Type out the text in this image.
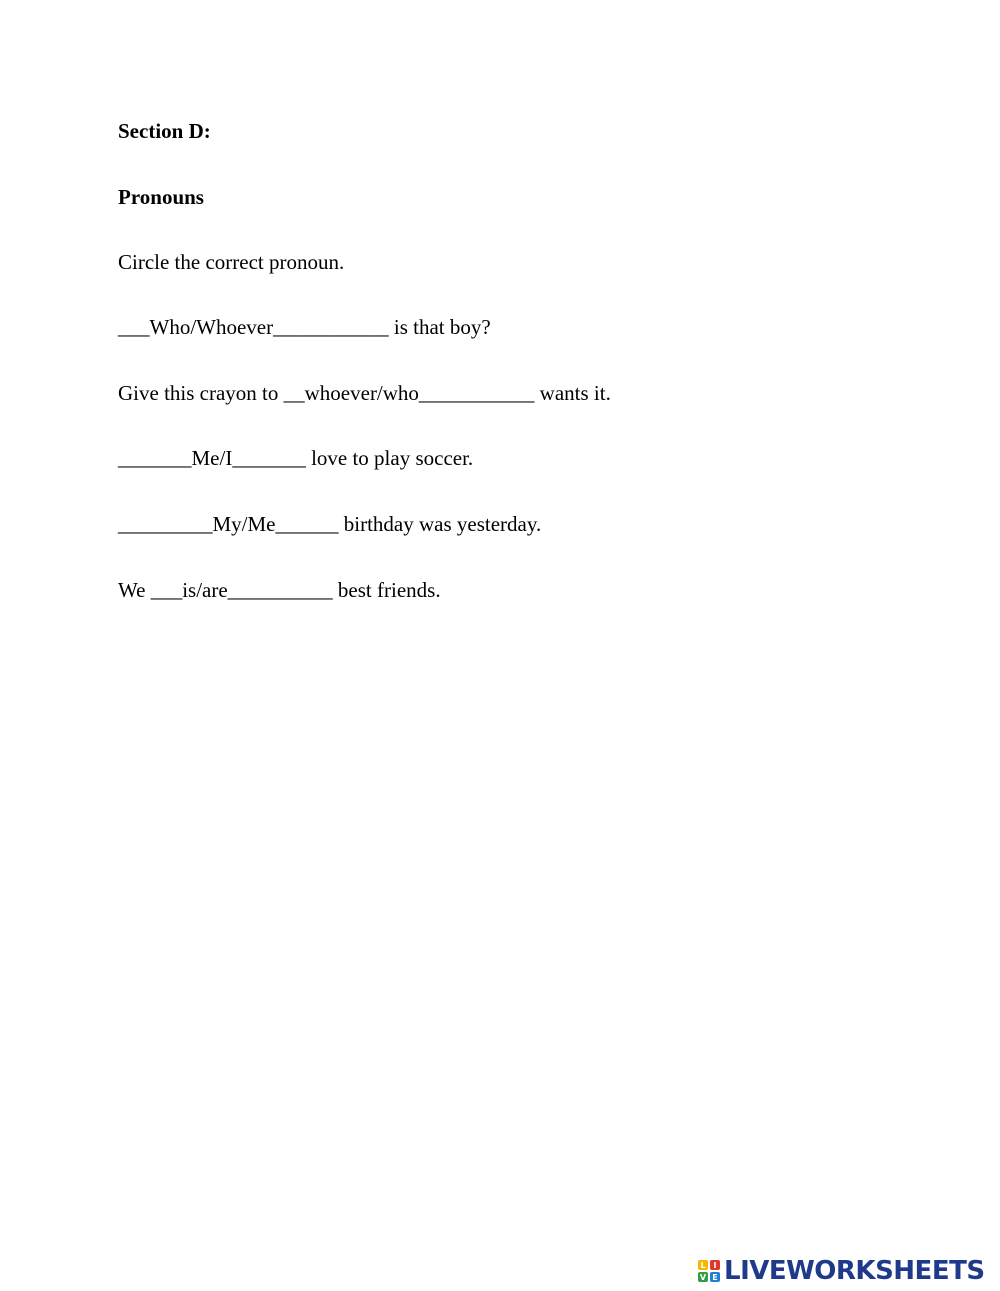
Section D:
Pronouns
Circle the correct pronoun.
___Who/Whoever___________ is that boy?
Give this crayon to __whoever/who___________ wants it.
_______Me/I_______ love to play soccer.
_________My/Me______ birthday was yesterday.
We ___is/are__________ best friends.
L I
V E LIVEWORKSHEETS
